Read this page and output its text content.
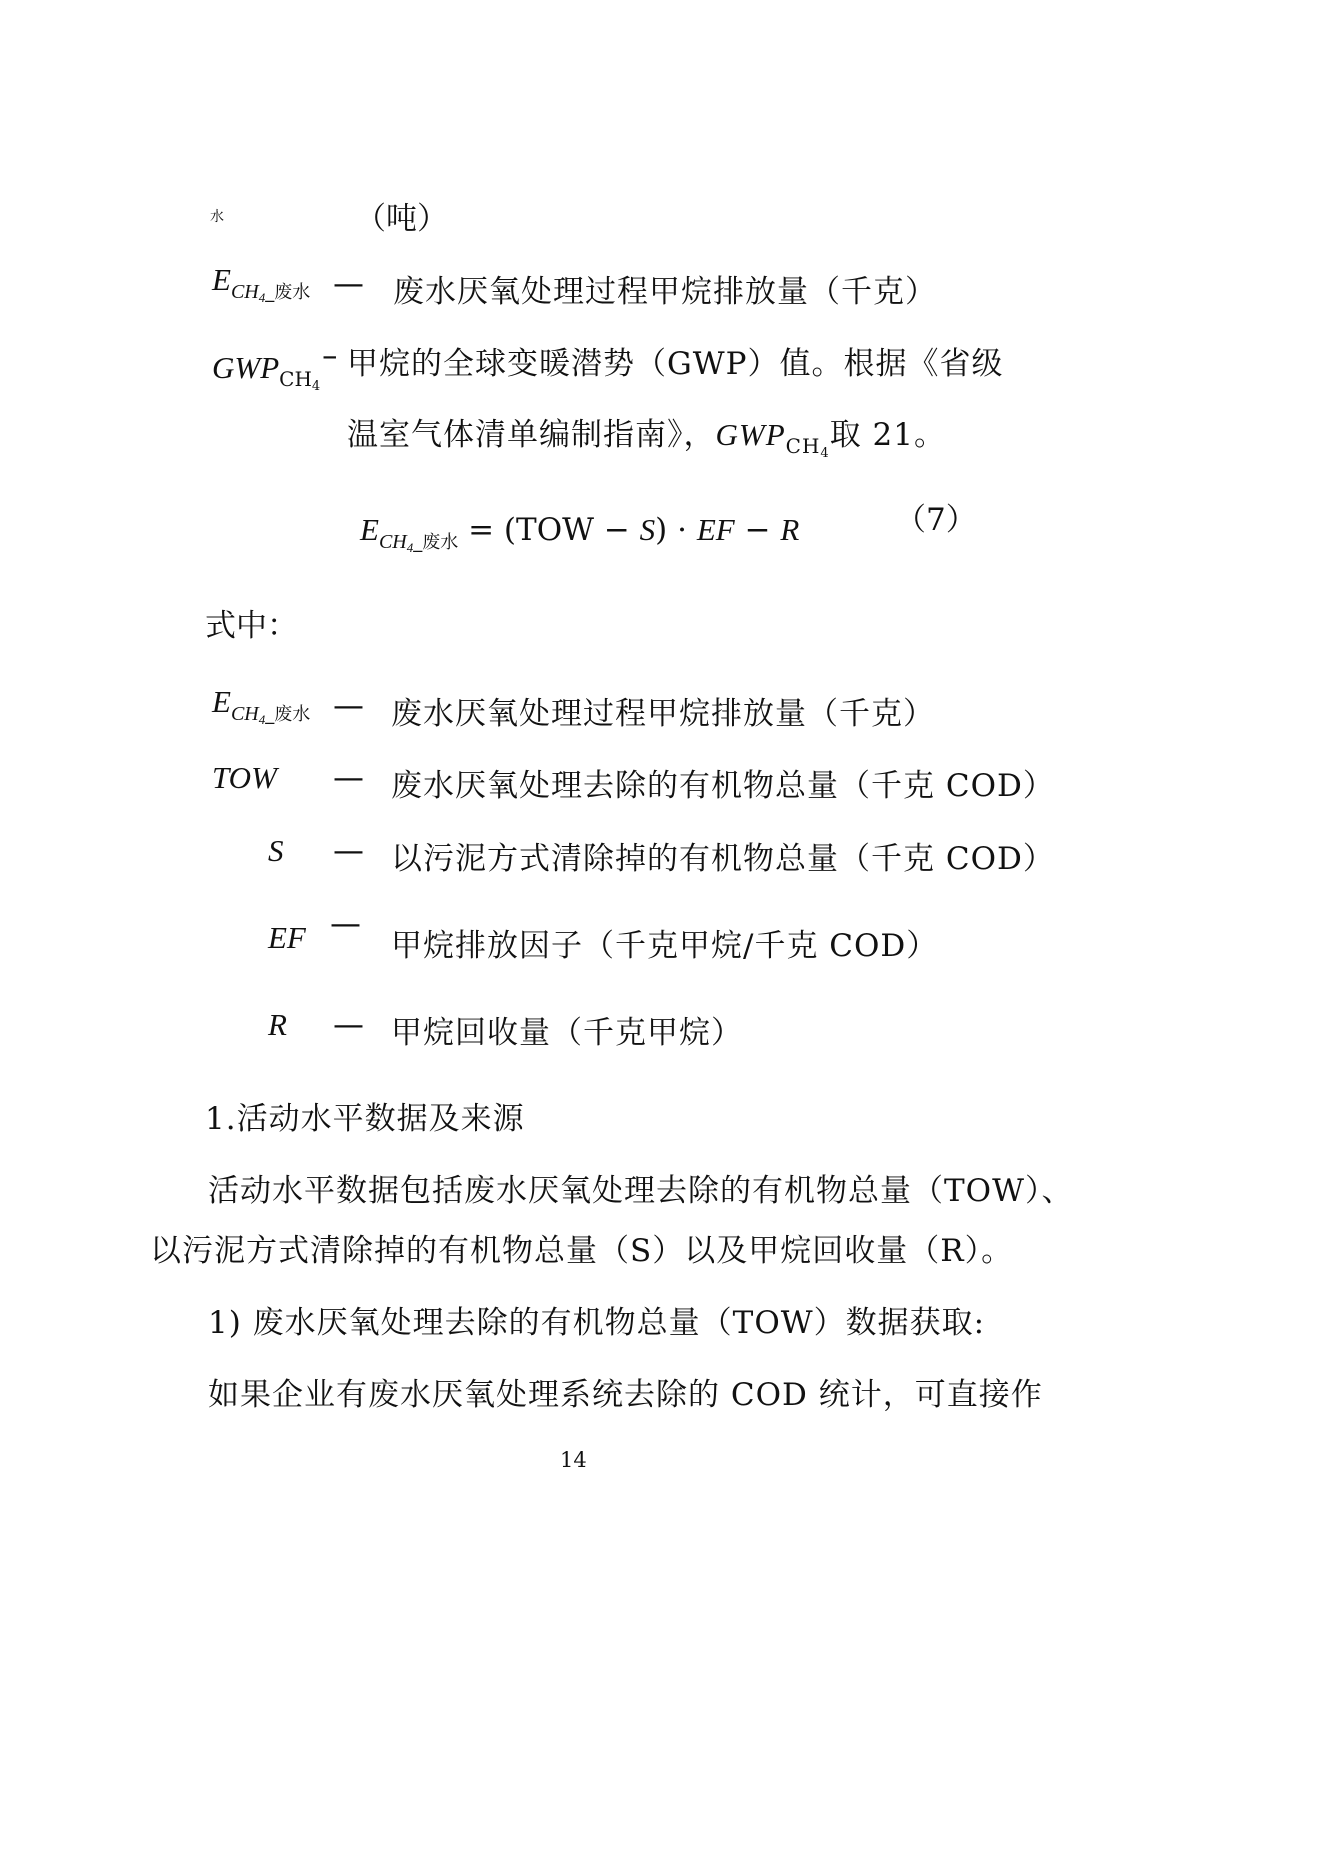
水	（吨）
$E_{CH_4\_废水}$ — 废水厌氧处理过程甲烷排放量（千克）
$GWP_{CH_4}$
– 甲烷的全球变暖潜势（GWP）值。根据《省级
温室气体清单编制指南》，$GWP_{CH_4}$取 21。
$E_{CH_4\_废水} = (TOW - S)$ · EF − R	（7）
式中：
$E_{CH_4\_废水}$ — 废水厌氧处理过程甲烷排放量（千克）
TOW — 废水厌氧处理去除的有机物总量（千克 COD）
S — 以污泥方式清除掉的有机物总量（千克 COD）
EF —
甲烷排放因子（千克甲烷/千克 COD）
R — 甲烷回收量（千克甲烷）
1.活动水平数据及来源
活动水平数据包括废水厌氧处理去除的有机物总量（TOW）、
以污泥方式清除掉的有机物总量（S）以及甲烷回收量（R）。
1) 废水厌氧处理去除的有机物总量（TOW）数据获取:
如果企业有废水厌氧处理系统去除的 COD 统计，可直接作
14
